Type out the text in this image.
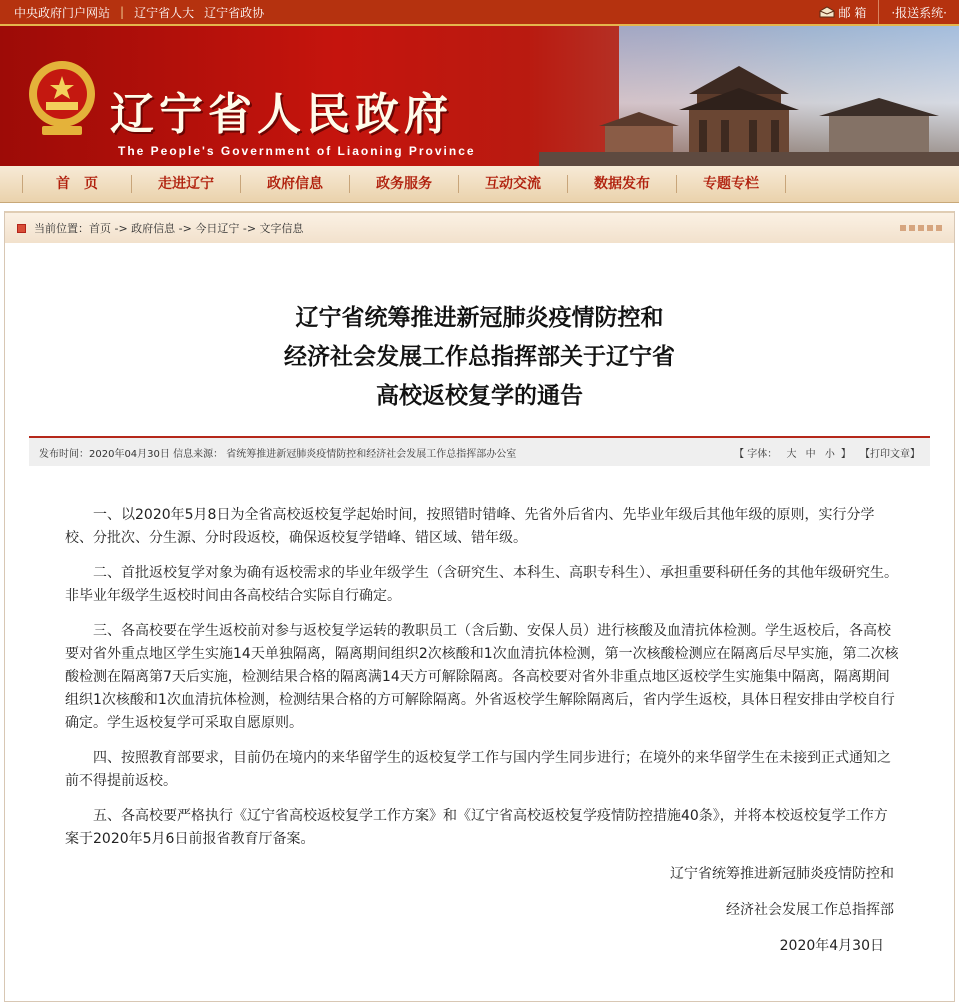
中央政府门户网站 | 辽宁省人大 辽宁省政协	邮 箱 ·报送系统·
辽宁省人民政府
The People's Government of Liaoning Province
首　页	走进辽宁	政府信息	政务服务	互动交流	数据发布	专题专栏
当前位置： 首页 -> 政府信息 -> 今日辽宁 -> 文字信息
辽宁省统筹推进新冠肺炎疫情防控和
经济社会发展工作总指挥部关于辽宁省
高校返校复学的通告
发布时间：2020年04月30日 信息来源： 省统筹推进新冠肺炎疫情防控和经济社会发展工作总指挥部办公室	【 字体： 大 中 小 】 【打印文章】

一、以2020年5月8日为全省高校返校复学起始时间，按照错时错峰、先省外后省内、先毕业年级后其他年级的原则，实行分学校、分批次、分生源、分时段返校，确保返校复学错峰、错区域、错年级。

二、首批返校复学对象为确有返校需求的毕业年级学生（含研究生、本科生、高职专科生）、承担重要科研任务的其他年级研究生。非毕业年级学生返校时间由各高校结合实际自行确定。

三、各高校要在学生返校前对参与返校复学运转的教职员工（含后勤、安保人员）进行核酸及血清抗体检测。学生返校后，各高校要对省外重点地区学生实施14天单独隔离，隔离期间组织2次核酸和1次血清抗体检测，第一次核酸检测应在隔离后尽早实施，第二次核酸检测在隔离第7天后实施，检测结果合格的隔离满14天方可解除隔离。各高校要对省外非重点地区返校学生实施集中隔离，隔离期间组织1次核酸和1次血清抗体检测，检测结果合格的方可解除隔离。外省返校学生解除隔离后，省内学生返校，具体日程安排由学校自行确定。学生返校复学可采取自愿原则。

四、按照教育部要求，目前仍在境内的来华留学生的返校复学工作与国内学生同步进行；在境外的来华留学生在未接到正式通知之前不得提前返校。

五、各高校要严格执行《辽宁省高校返校复学工作方案》和《辽宁省高校返校复学疫情防控措施40条》，并将本校返校复学工作方案于2020年5月6日前报省教育厅备案。

辽宁省统筹推进新冠肺炎疫情防控和
经济社会发展工作总指挥部
2020年4月30日
